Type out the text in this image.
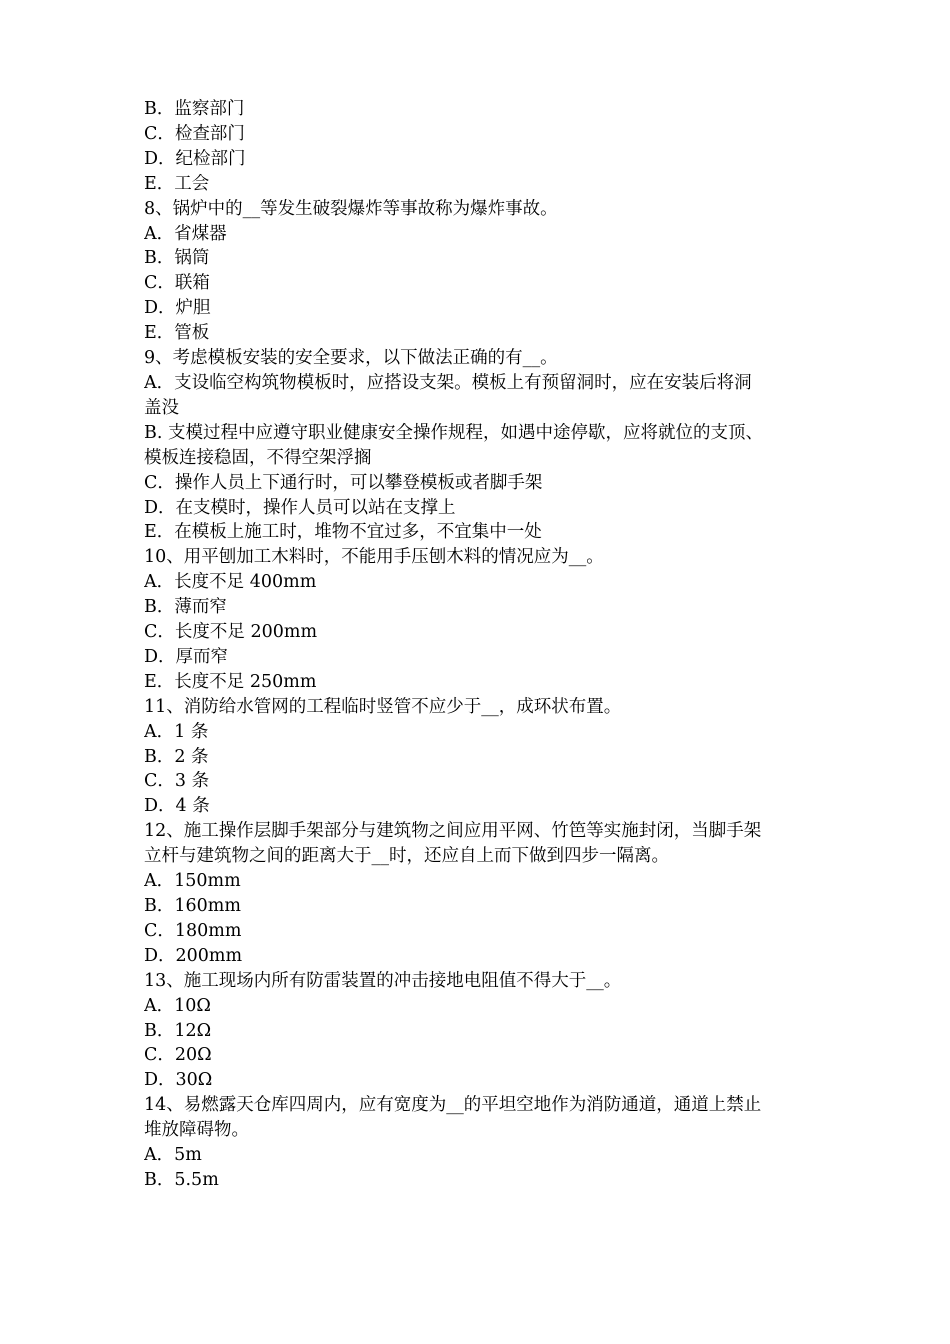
B．监察部门

C．检查部门

D．纪检部门

E．工会

8、锅炉中的__等发生破裂爆炸等事故称为爆炸事故。

A．省煤器

B．锅筒

C．联箱

D．炉胆

E．管板

9、考虑模板安装的安全要求，以下做法正确的有__。

A．支设临空构筑物模板时，应搭设支架。模板上有预留洞时，应在安装后将洞

盖没

B. 支模过程中应遵守职业健康安全操作规程，如遇中途停歇，应将就位的支顶、

模板连接稳固，不得空架浮搁

C．操作人员上下通行时，可以攀登模板或者脚手架

D．在支模时，操作人员可以站在支撑上

E．在模板上施工时，堆物不宜过多，不宜集中一处

10、用平刨加工木料时，不能用手压刨木料的情况应为__。

A．长度不足 400mm

B．薄而窄

C．长度不足 200mm

D．厚而窄

E．长度不足 250mm

11、消防给水管网的工程临时竖管不应少于__，成环状布置。

A．1 条

B．2 条

C．3 条

D．4 条

12、施工操作层脚手架部分与建筑物之间应用平网、竹笆等实施封闭，当脚手架

立杆与建筑物之间的距离大于__时，还应自上而下做到四步一隔离。

A．150mm

B．160mm

C．180mm

D．200mm

13、施工现场内所有防雷装置的冲击接地电阻值不得大于__。

A．10Ω

B．12Ω

C．20Ω

D．30Ω

14、易燃露天仓库四周内，应有宽度为__的平坦空地作为消防通道，通道上禁止

堆放障碍物。

A．5m

B．5.5m
